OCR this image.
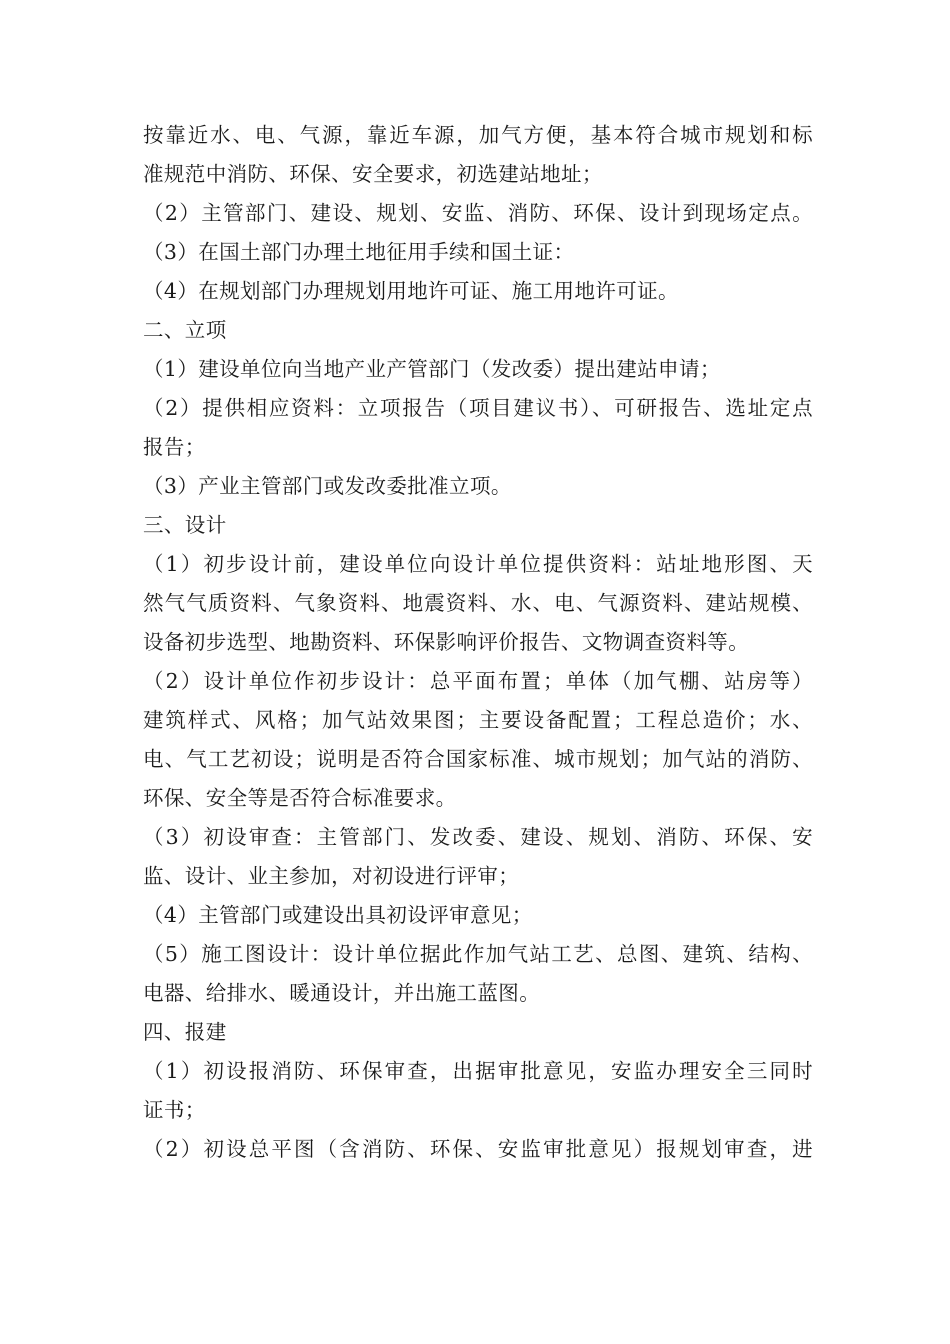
按靠近水、电、气源，靠近车源，加气方便，基本符合城市规划和标
准规范中消防、环保、安全要求，初选建站地址；
（2）主管部门、建设、规划、安监、消防、环保、设计到现场定点。
（3）在国土部门办理土地征用手续和国土证：
（4）在规划部门办理规划用地许可证、施工用地许可证。
二、立项
（1）建设单位向当地产业产管部门（发改委）提出建站申请；
（2）提供相应资料：立项报告（项目建议书）、可研报告、选址定点
报告；
（3）产业主管部门或发改委批准立项。
三、设计
（1）初步设计前，建设单位向设计单位提供资料：站址地形图、天
然气气质资料、气象资料、地震资料、水、电、气源资料、建站规模、
设备初步选型、地勘资料、环保影响评价报告、文物调查资料等。
（2）设计单位作初步设计：总平面布置；单体（加气棚、站房等）
建筑样式、风格；加气站效果图；主要设备配置；工程总造价；水、
电、气工艺初设；说明是否符合国家标准、城市规划；加气站的消防、
环保、安全等是否符合标准要求。
（3）初设审查：主管部门、发改委、建设、规划、消防、环保、安
监、设计、业主参加，对初设进行评审；
（4）主管部门或建设出具初设评审意见；
（5）施工图设计：设计单位据此作加气站工艺、总图、建筑、结构、
电器、给排水、暖通设计，并出施工蓝图。
四、报建
（1）初设报消防、环保审查，出据审批意见，安监办理安全三同时
证书；
（2）初设总平图（含消防、环保、安监审批意见）报规划审查，进
